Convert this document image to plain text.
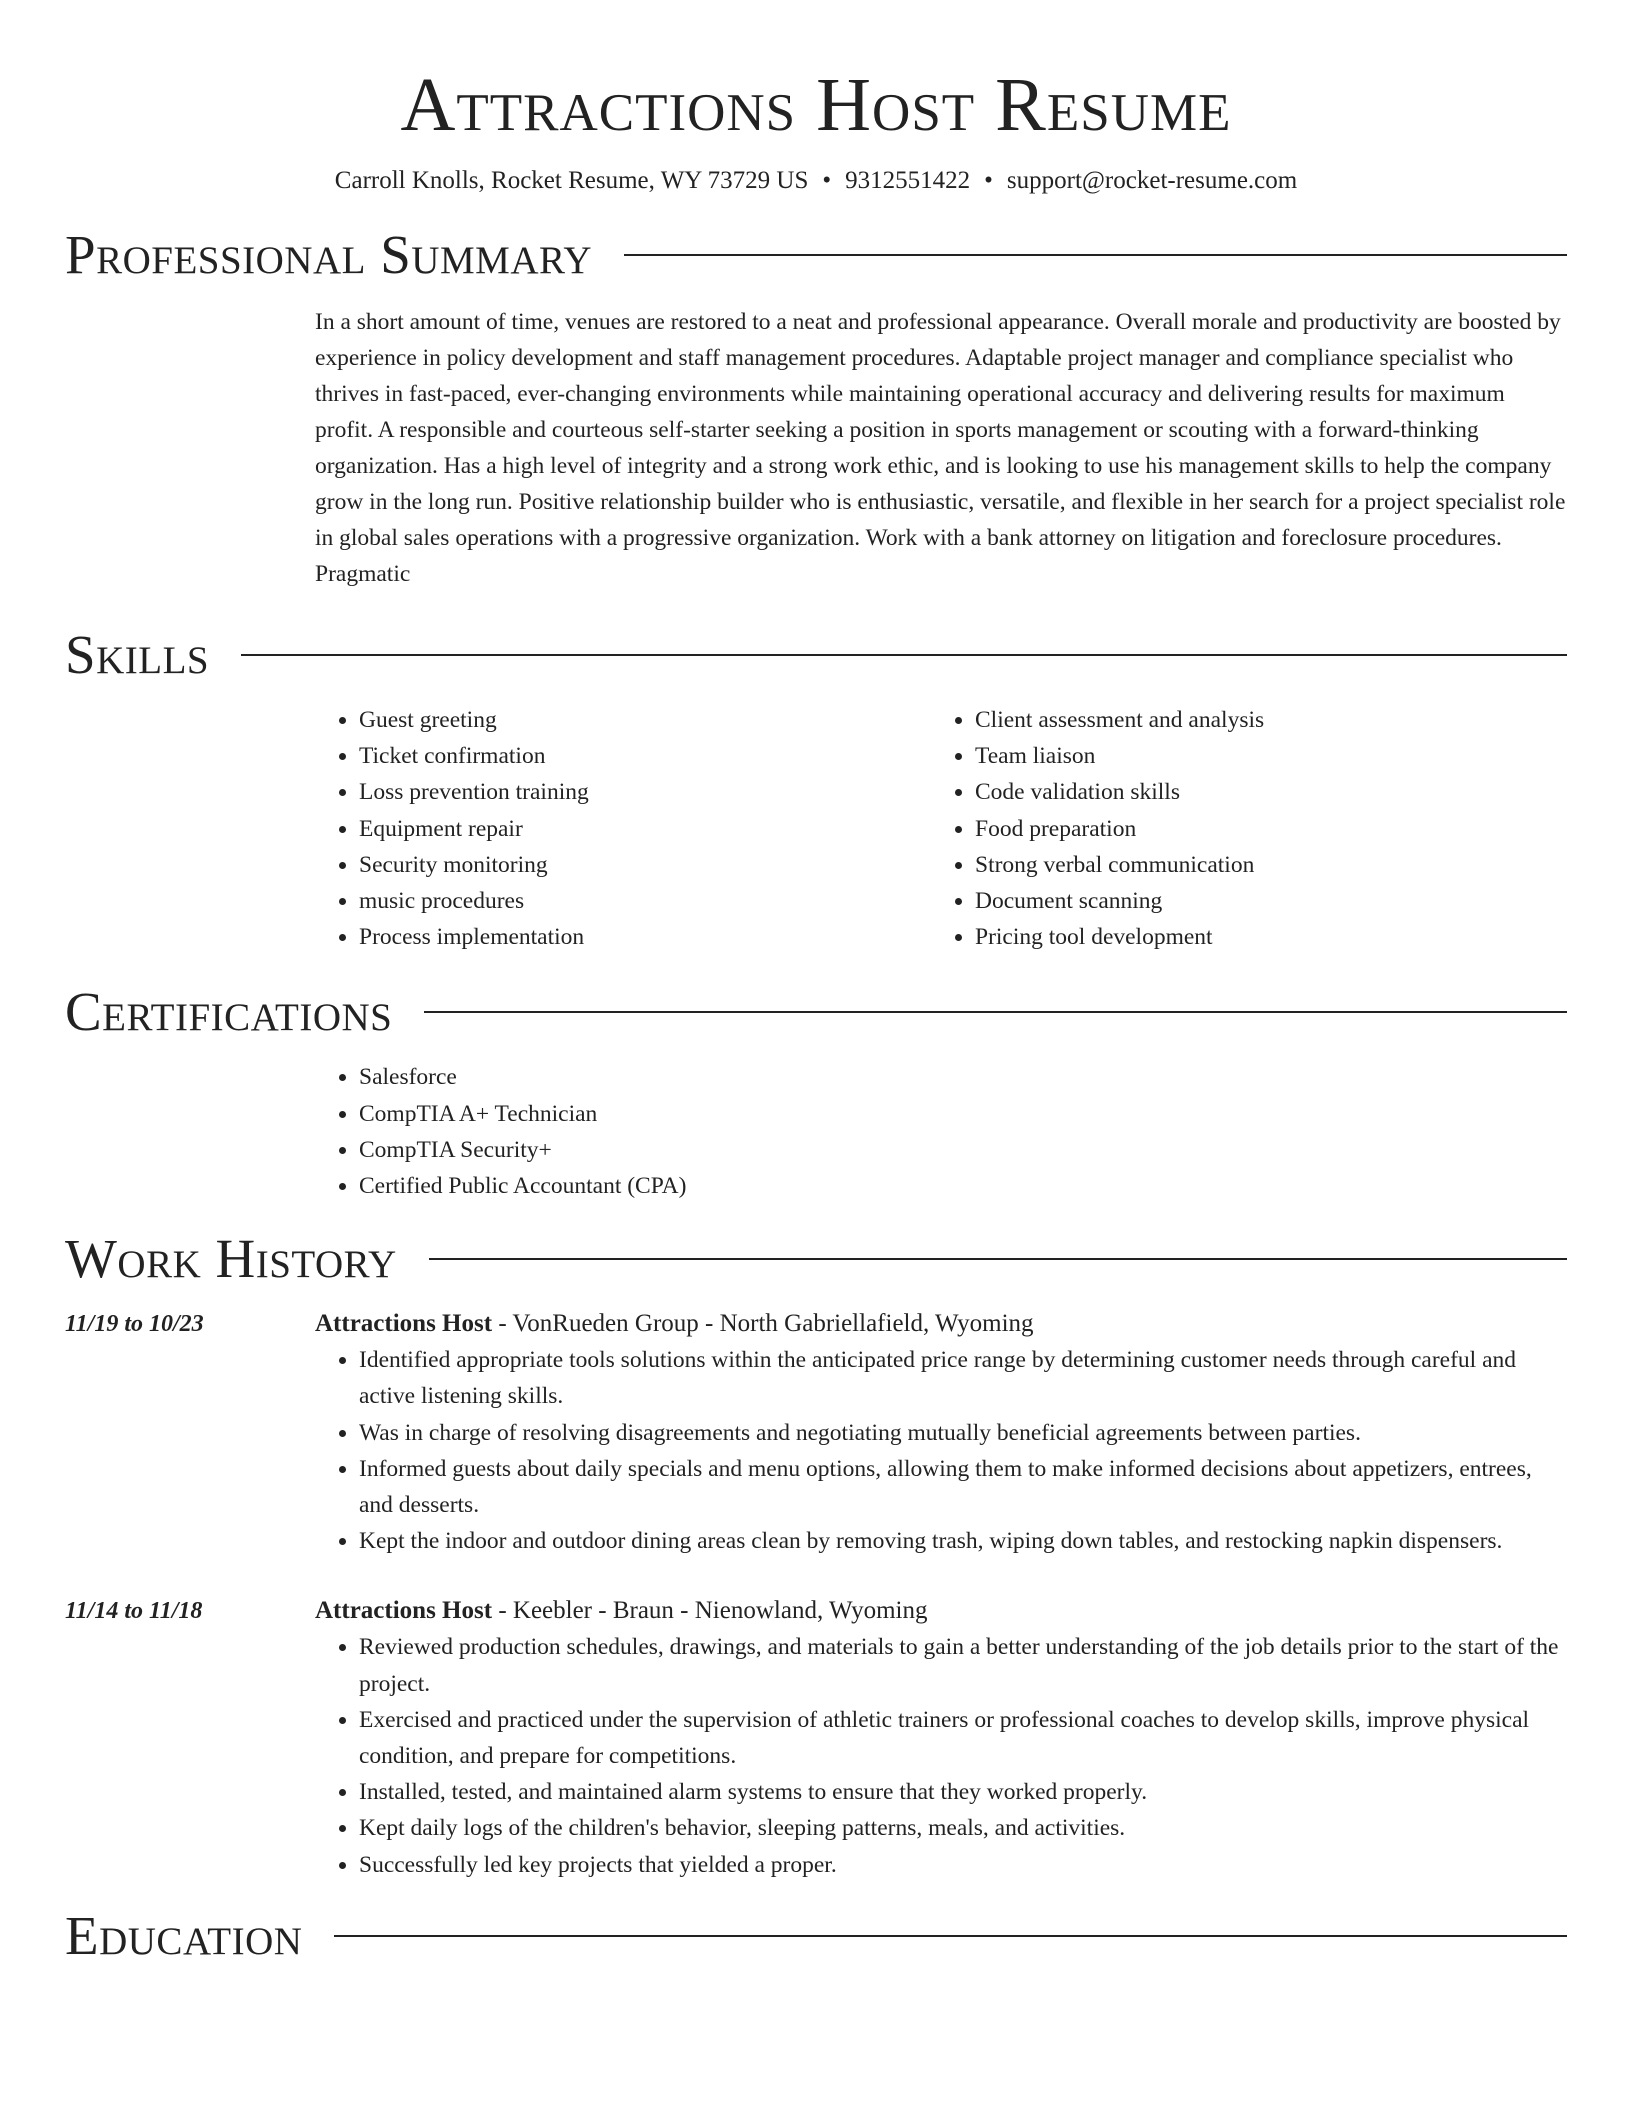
Attractions Host Resume
Carroll Knolls, Rocket Resume, WY 73729 US • 9312551422 • support@rocket-resume.com
Professional Summary

In a short amount of time, venues are restored to a neat and professional appearance. Overall morale and productivity are boosted by experience in policy development and staff management procedures. Adaptable project manager and compliance specialist who thrives in fast-paced, ever-changing environments while maintaining operational accuracy and delivering results for maximum profit. A responsible and courteous self-starter seeking a position in sports management or scouting with a forward-thinking organization. Has a high level of integrity and a strong work ethic, and is looking to use his management skills to help the company grow in the long run. Positive relationship builder who is enthusiastic, versatile, and flexible in her search for a project specialist role in global sales operations with a progressive organization. Work with a bank attorney on litigation and foreclosure procedures. Pragmatic

Skills
• Guest greeting
• Ticket confirmation
• Loss prevention training
• Equipment repair
• Security monitoring
• music procedures
• Process implementation
• Client assessment and analysis
• Team liaison
• Code validation skills
• Food preparation
• Strong verbal communication
• Document scanning
• Pricing tool development
Certifications
• Salesforce
• CompTIA A+ Technician
• CompTIA Security+
• Certified Public Accountant (CPA)
Work History
11/19 to 10/23	Attractions Host - VonRueden Group - North Gabriellafield, Wyoming
• Identified appropriate tools solutions within the anticipated price range by determining customer needs through careful and active listening skills.
• Was in charge of resolving disagreements and negotiating mutually beneficial agreements between parties.
• Informed guests about daily specials and menu options, allowing them to make informed decisions about appetizers, entrees, and desserts.
• Kept the indoor and outdoor dining areas clean by removing trash, wiping down tables, and restocking napkin dispensers.
11/14 to 11/18	Attractions Host - Keebler - Braun - Nienowland, Wyoming
• Reviewed production schedules, drawings, and materials to gain a better understanding of the job details prior to the start of the project.
• Exercised and practiced under the supervision of athletic trainers or professional coaches to develop skills, improve physical condition, and prepare for competitions.
• Installed, tested, and maintained alarm systems to ensure that they worked properly.
• Kept daily logs of the children's behavior, sleeping patterns, meals, and activities.
• Successfully led key projects that yielded a proper.
Education
